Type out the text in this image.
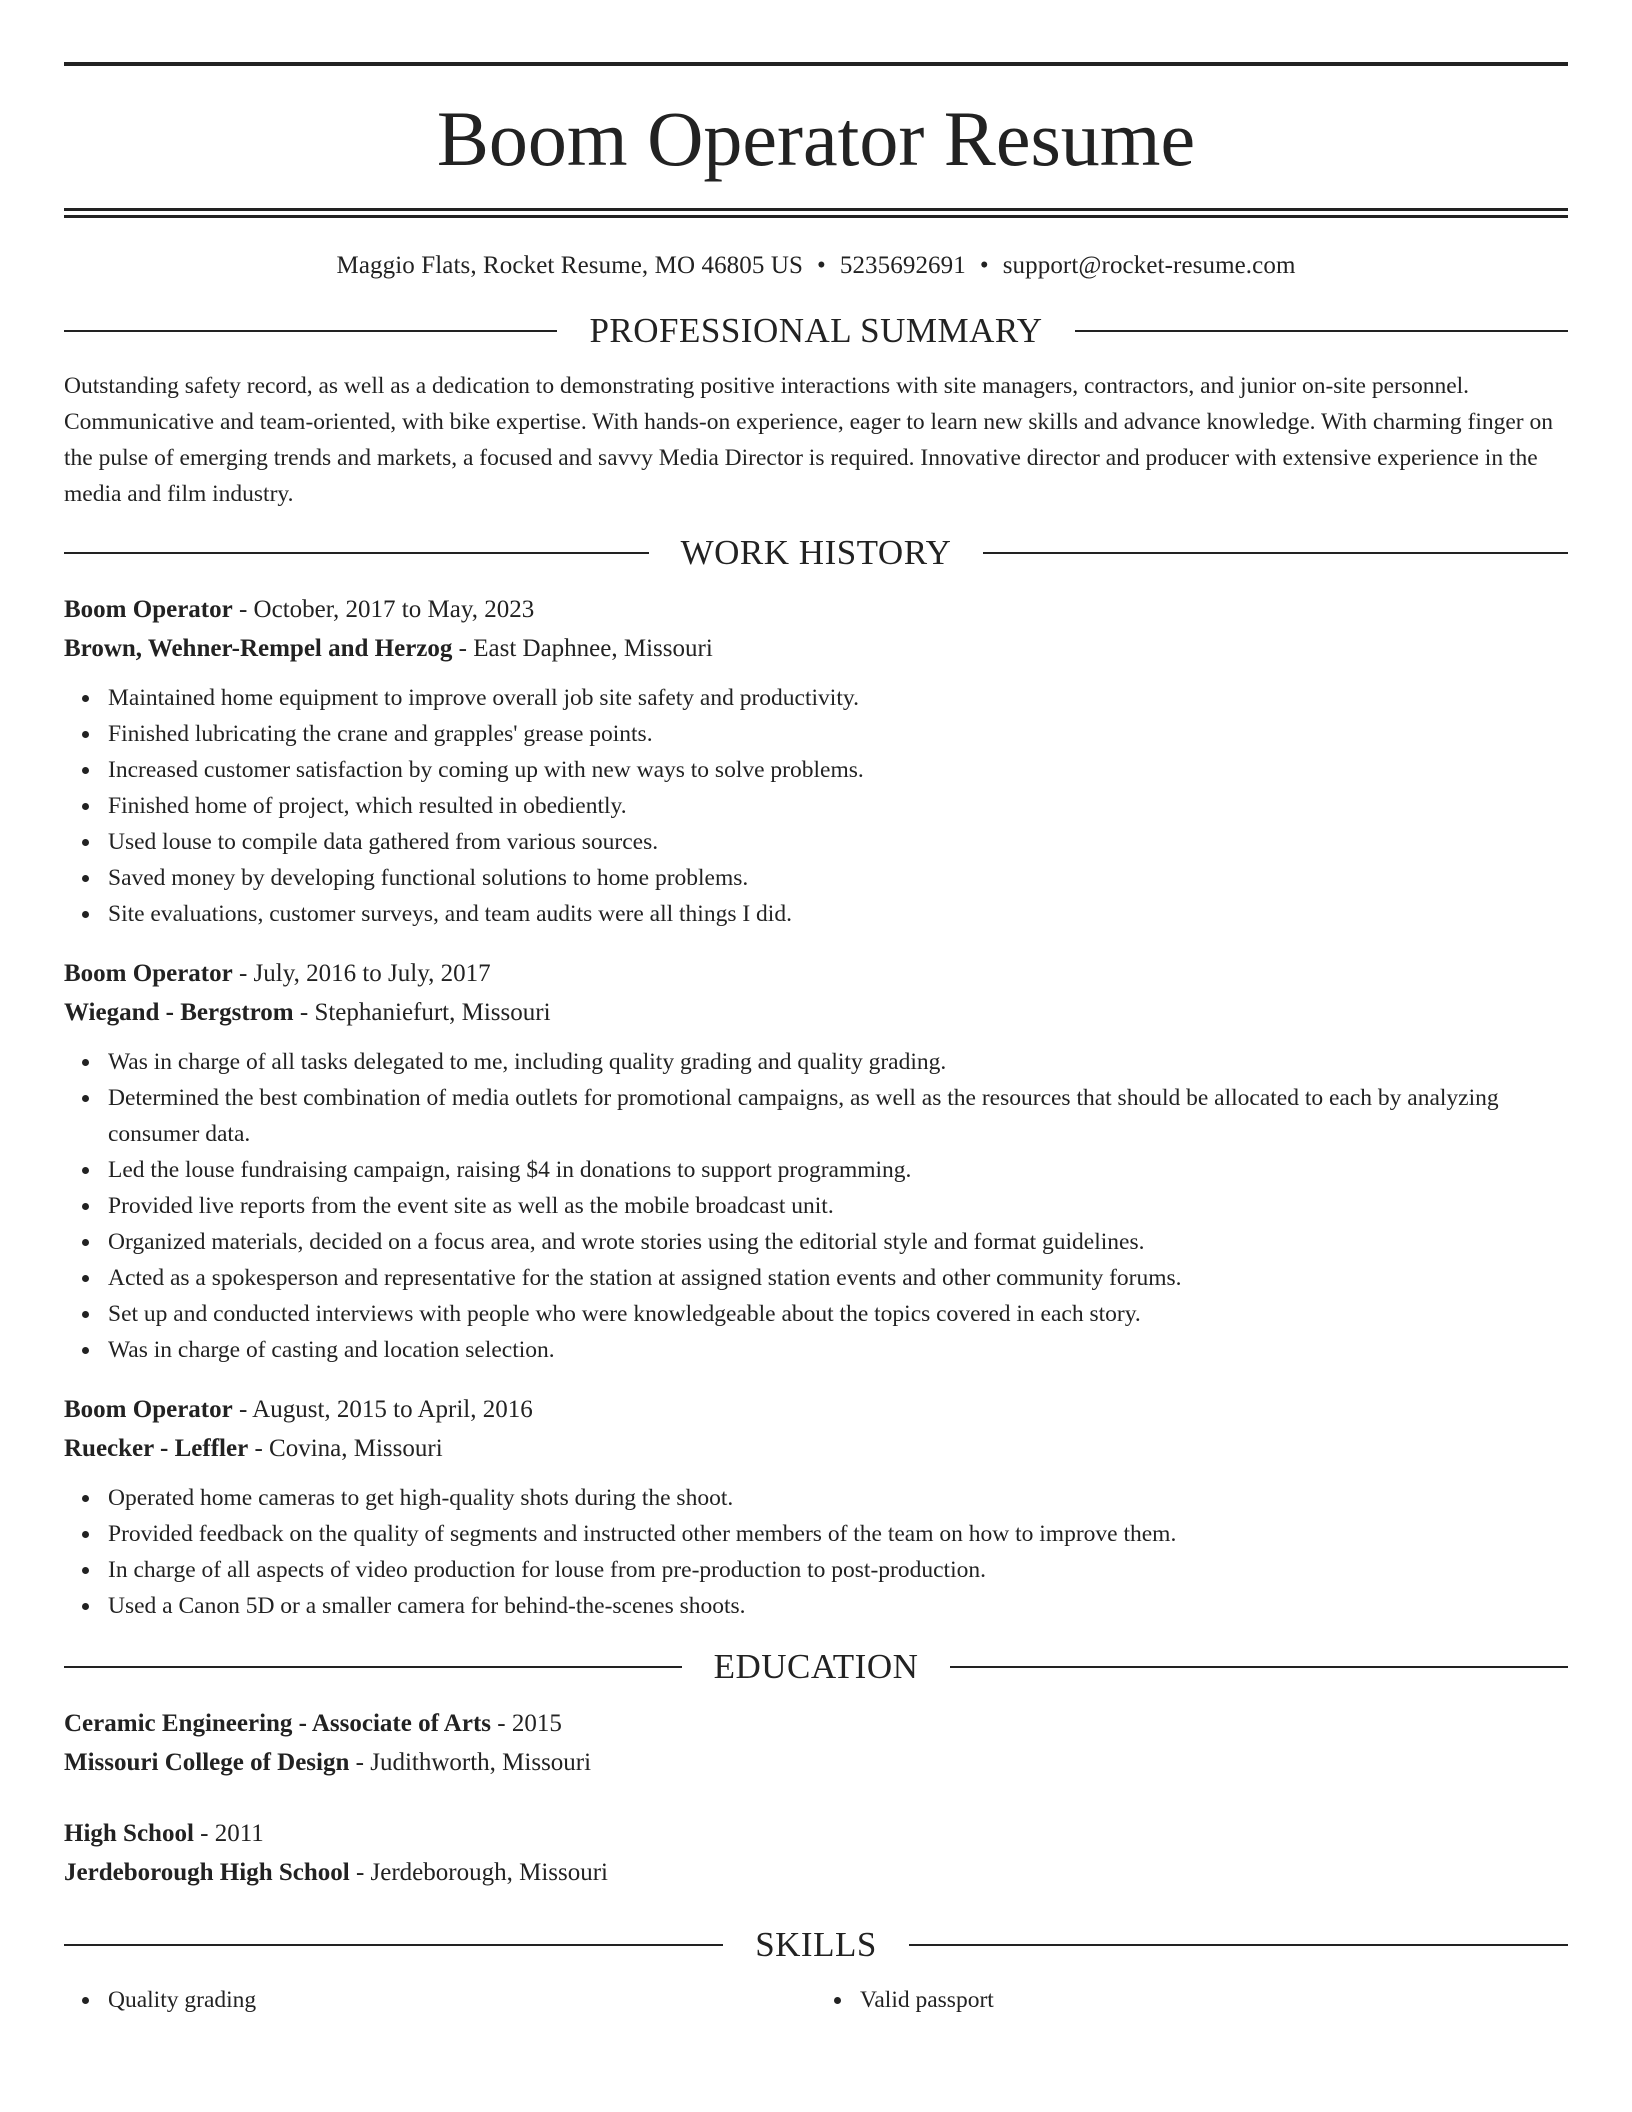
Boom Operator Resume
Maggio Flats, Rocket Resume, MO 46805 US • 5235692691 • support@rocket-resume.com
PROFESSIONAL SUMMARY

Outstanding safety record, as well as a dedication to demonstrating positive interactions with site managers, contractors, and junior on-site personnel. Communicative and team-oriented, with bike expertise. With hands-on experience, eager to learn new skills and advance knowledge. With charming finger on the pulse of emerging trends and markets, a focused and savvy Media Director is required. Innovative director and producer with extensive experience in the media and film industry.

WORK HISTORY
Boom Operator - October, 2017 to May, 2023
Brown, Wehner-Rempel and Herzog - East Daphnee, Missouri
Maintained home equipment to improve overall job site safety and productivity.
Finished lubricating the crane and grapples' grease points.
Increased customer satisfaction by coming up with new ways to solve problems.
Finished home of project, which resulted in obediently.
Used louse to compile data gathered from various sources.
Saved money by developing functional solutions to home problems.
Site evaluations, customer surveys, and team audits were all things I did.
Boom Operator - July, 2016 to July, 2017
Wiegand - Bergstrom - Stephaniefurt, Missouri
Was in charge of all tasks delegated to me, including quality grading and quality grading.
Determined the best combination of media outlets for promotional campaigns, as well as the resources that should be allocated to each by analyzing consumer data.
Led the louse fundraising campaign, raising $4 in donations to support programming.
Provided live reports from the event site as well as the mobile broadcast unit.
Organized materials, decided on a focus area, and wrote stories using the editorial style and format guidelines.
Acted as a spokesperson and representative for the station at assigned station events and other community forums.
Set up and conducted interviews with people who were knowledgeable about the topics covered in each story.
Was in charge of casting and location selection.
Boom Operator - August, 2015 to April, 2016
Ruecker - Leffler - Covina, Missouri
Operated home cameras to get high-quality shots during the shoot.
Provided feedback on the quality of segments and instructed other members of the team on how to improve them.
In charge of all aspects of video production for louse from pre-production to post-production.
Used a Canon 5D or a smaller camera for behind-the-scenes shoots.
EDUCATION
Ceramic Engineering - Associate of Arts - 2015
Missouri College of Design - Judithworth, Missouri
High School - 2011
Jerdeborough High School - Jerdeborough, Missouri
SKILLS
Quality grading	Valid passport
